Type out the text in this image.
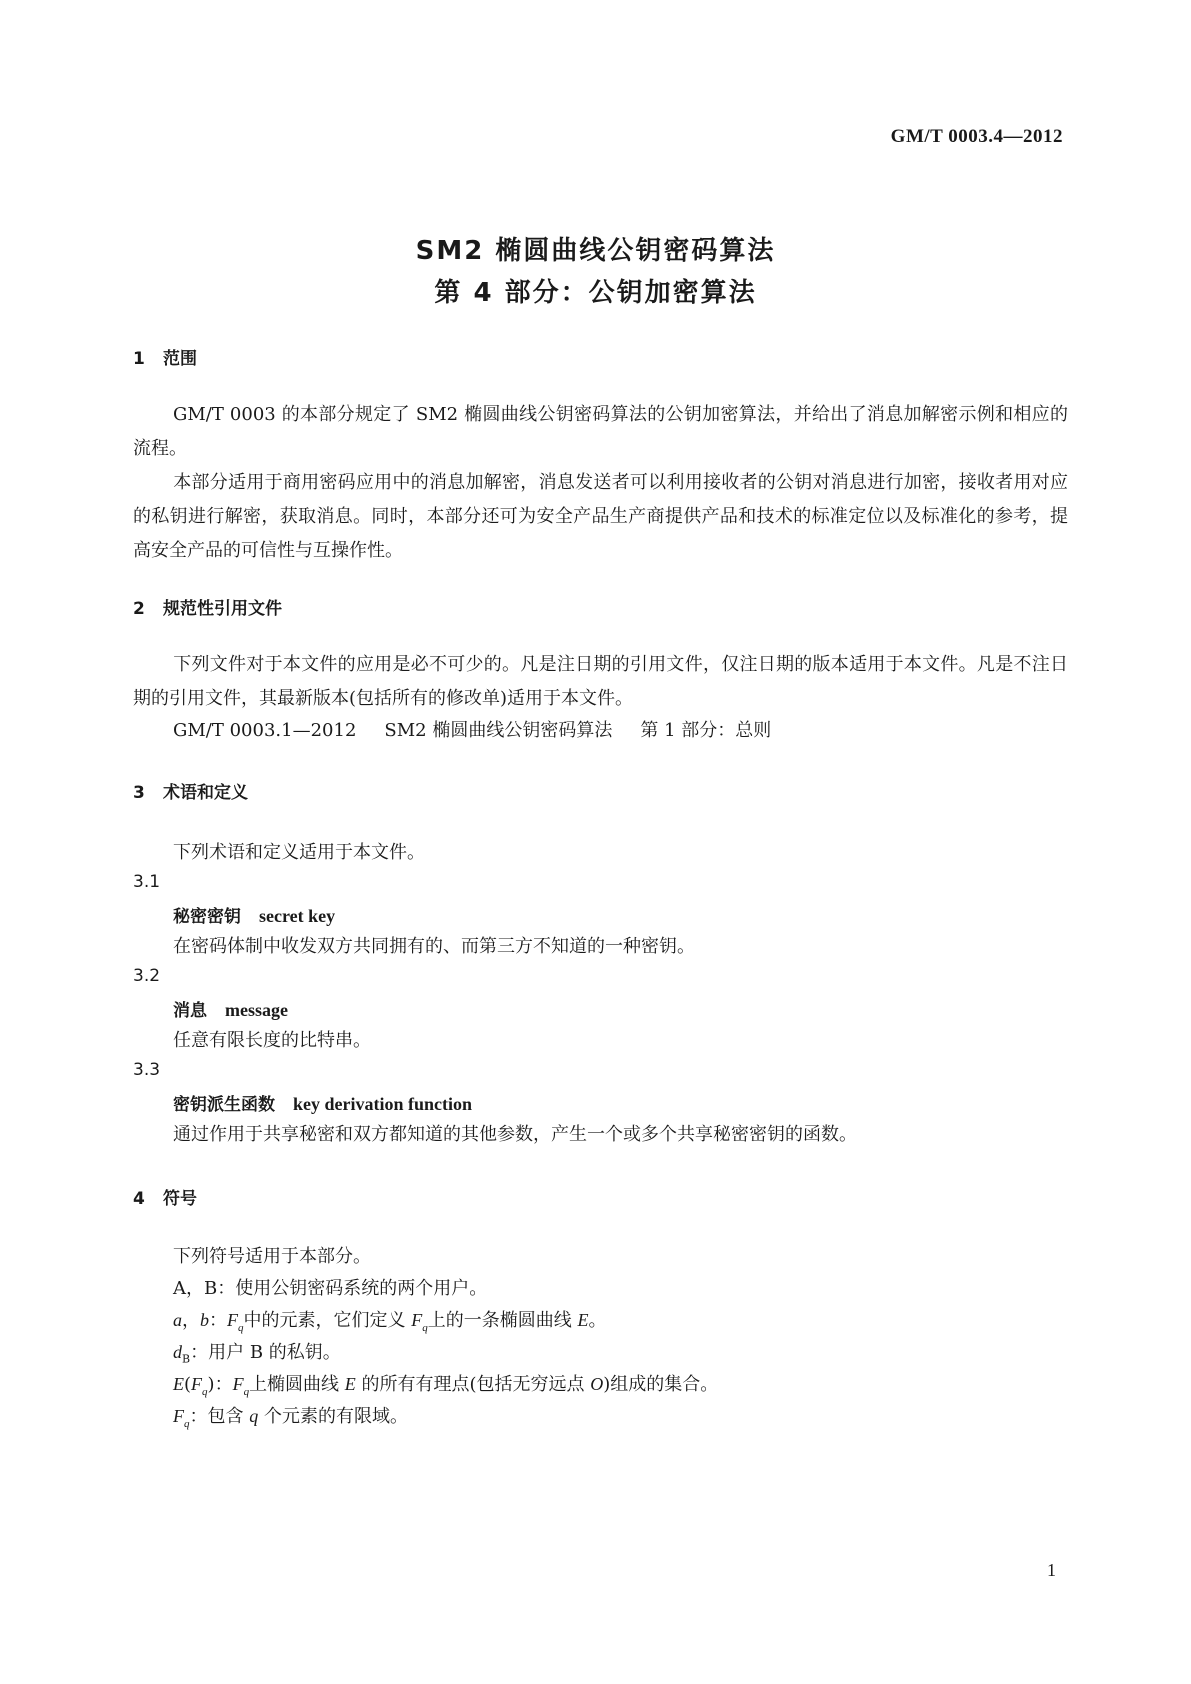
GM/T 0003.4—2012
SM2 椭圆曲线公钥密码算法
第 4 部分：公钥加密算法
1 范围
GM/T 0003 的本部分规定了 SM2 椭圆曲线公钥密码算法的公钥加密算法，并给出了消息加解密示例和相应的流程。
本部分适用于商用密码应用中的消息加解密，消息发送者可以利用接收者的公钥对消息进行加密，接收者用对应的私钥进行解密，获取消息。同时，本部分还可为安全产品生产商提供产品和技术的标准定位以及标准化的参考，提高安全产品的可信性与互操作性。
2 规范性引用文件
下列文件对于本文件的应用是必不可少的。凡是注日期的引用文件，仅注日期的版本适用于本文件。凡是不注日期的引用文件，其最新版本(包括所有的修改单)适用于本文件。
GM/T 0003.1—2012 SM2 椭圆曲线公钥密码算法 第 1 部分：总则
3 术语和定义
下列术语和定义适用于本文件。
3.1
秘密密钥 secret key
在密码体制中收发双方共同拥有的、而第三方不知道的一种密钥。
3.2
消息 message
任意有限长度的比特串。
3.3
密钥派生函数 key derivation function
通过作用于共享秘密和双方都知道的其他参数，产生一个或多个共享秘密密钥的函数。
4 符号
下列符号适用于本部分。
A，B：使用公钥密码系统的两个用户。
a，b：$F_q$中的元素，它们定义 $F_q$上的一条椭圆曲线 E。
$d_B$：用户 B 的私钥。
$E(F_q)$：$F_q$上椭圆曲线 E 的所有有理点(包括无穷远点 O)组成的集合。
$F_q$：包含 q 个元素的有限域。
1
